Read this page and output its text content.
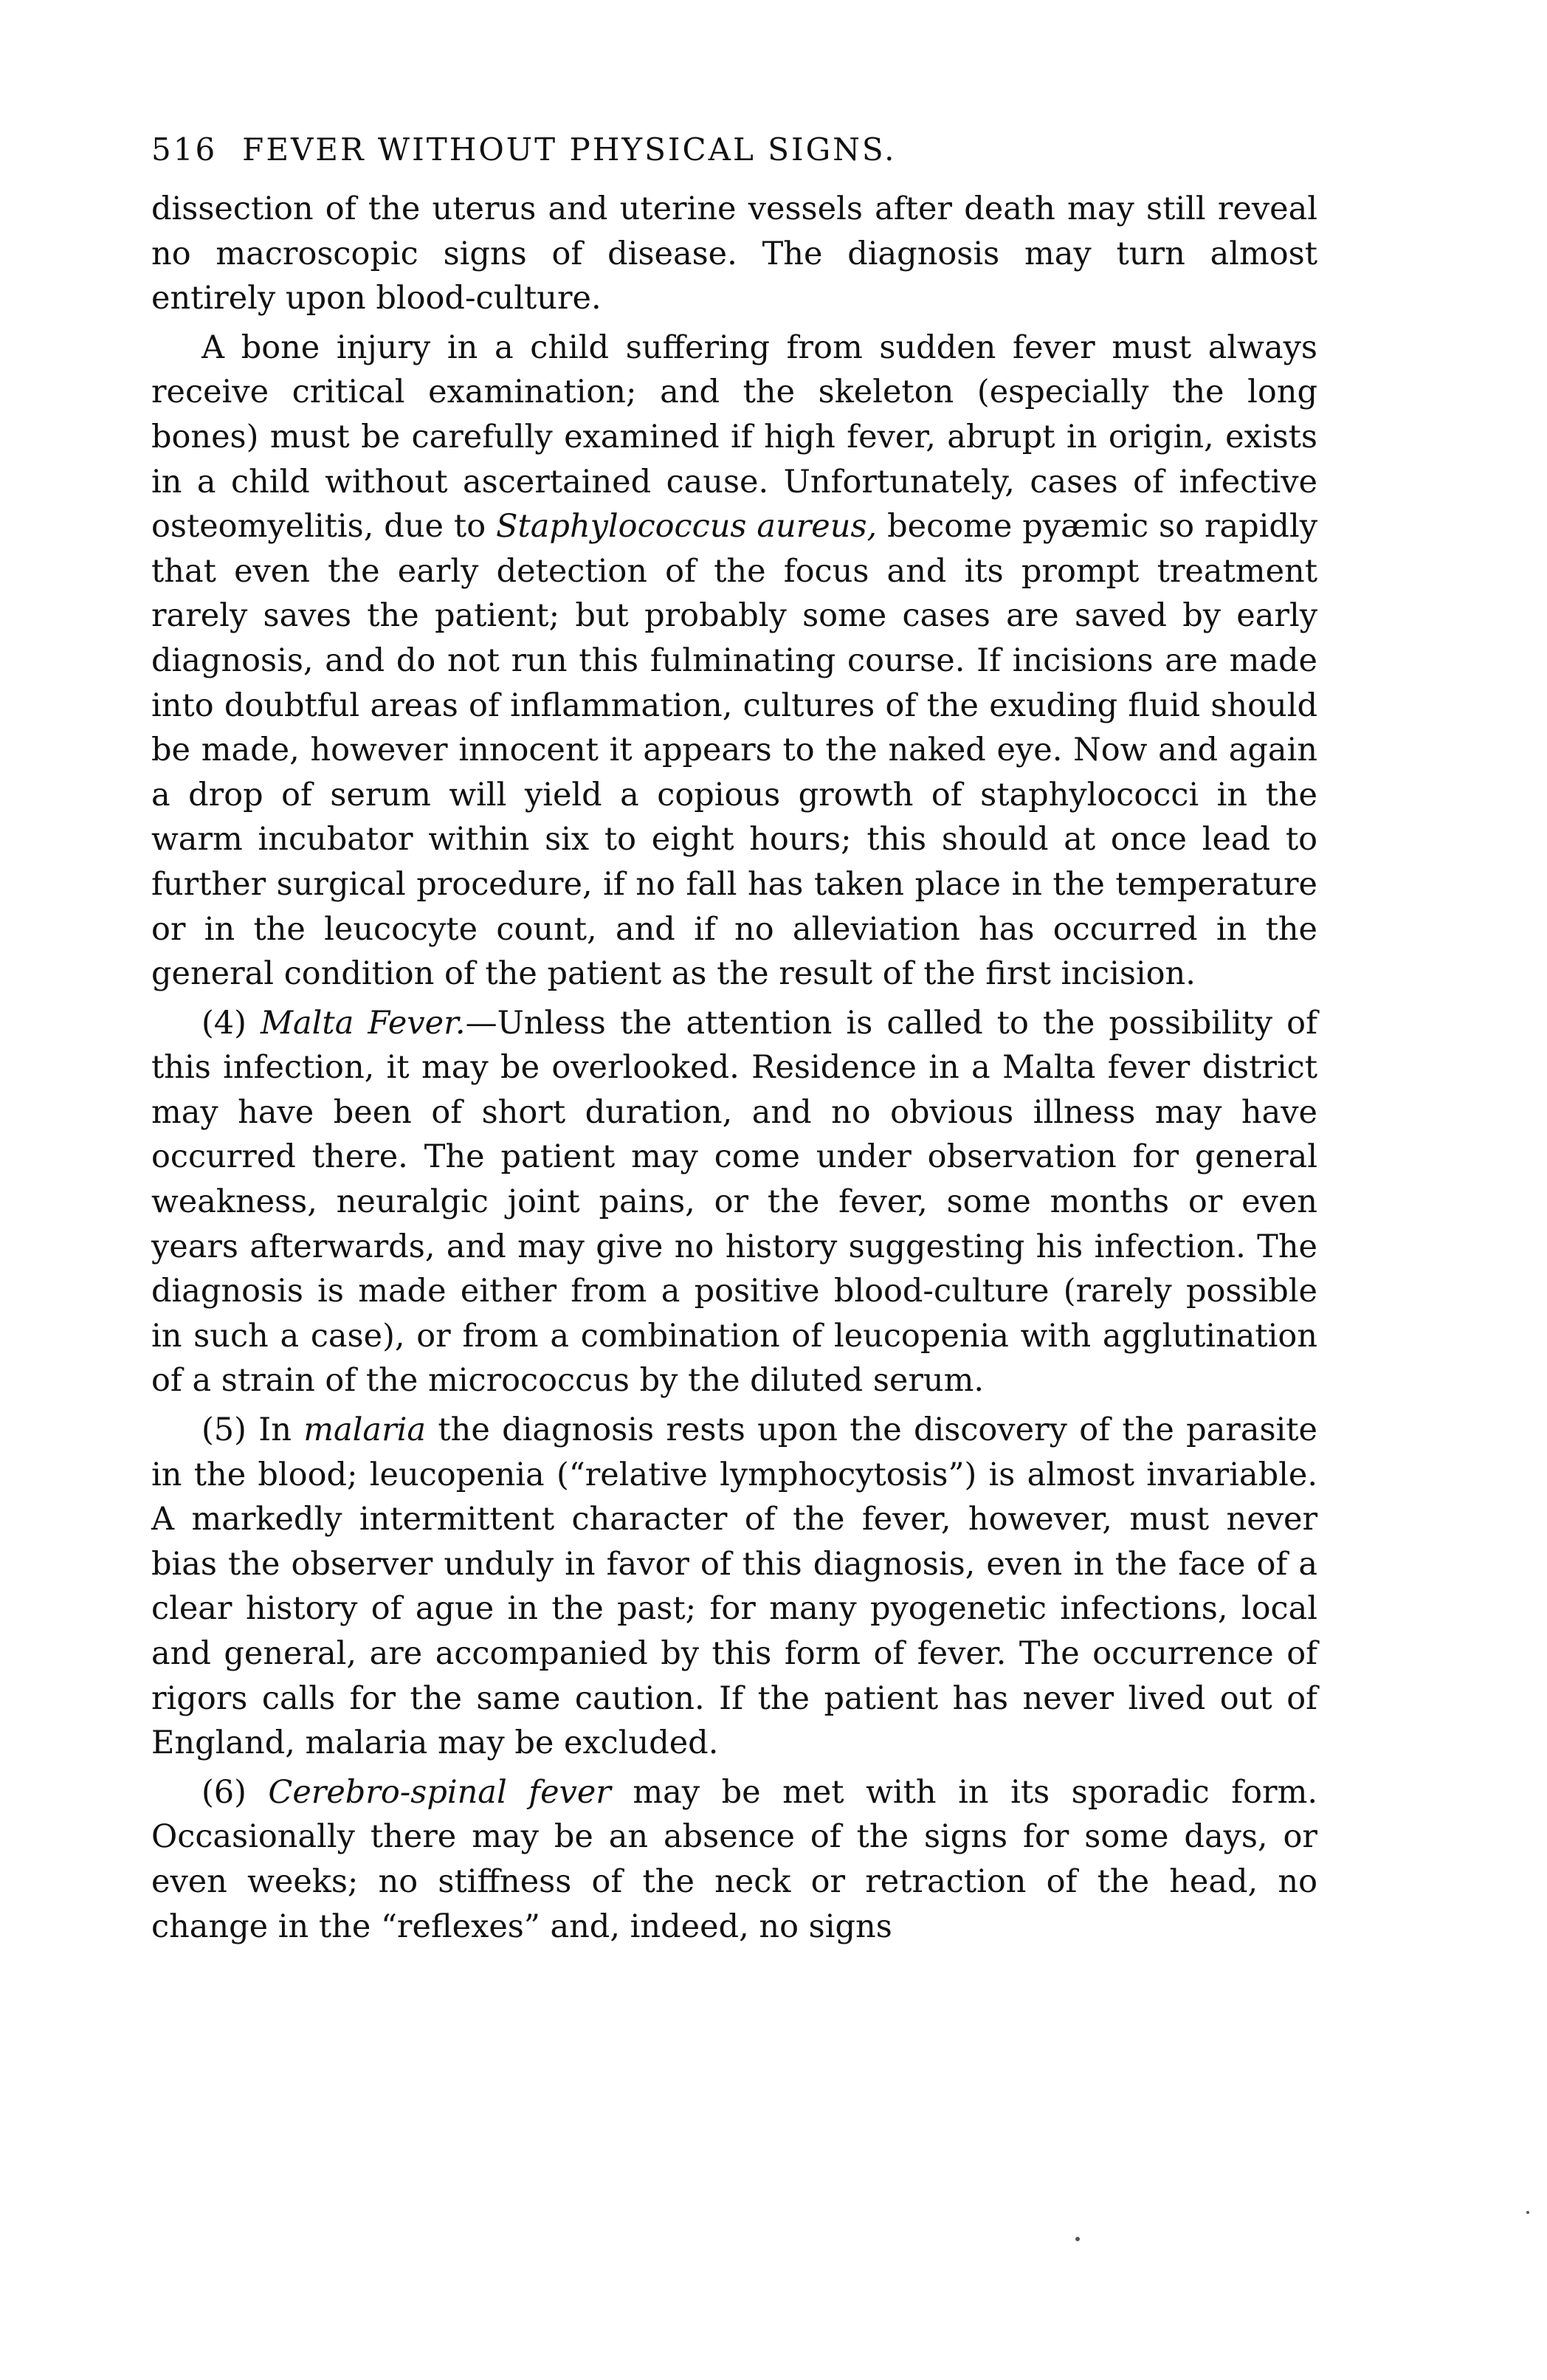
516 FEVER WITHOUT PHYSICAL SIGNS.

dissection of the uterus and uterine vessels after death may still reveal no macroscopic signs of disease. The diagnosis may turn almost entirely upon blood-culture.

A bone injury in a child suffering from sudden fever must always receive critical examination; and the skeleton (especially the long bones) must be carefully examined if high fever, abrupt in origin, exists in a child without ascertained cause. Unfortunately, cases of infective osteomyelitis, due to Staphylococcus aureus, become pyæmic so rapidly that even the early detection of the focus and its prompt treatment rarely saves the patient; but probably some cases are saved by early diagnosis, and do not run this fulminating course. If incisions are made into doubtful areas of inflammation, cultures of the exuding fluid should be made, however innocent it appears to the naked eye. Now and again a drop of serum will yield a copious growth of staphylococci in the warm incubator within six to eight hours; this should at once lead to further surgical procedure, if no fall has taken place in the temperature or in the leucocyte count, and if no alleviation has occurred in the general condition of the patient as the result of the first incision.

(4) Malta Fever.—Unless the attention is called to the possibility of this infection, it may be overlooked. Residence in a Malta fever district may have been of short duration, and no obvious illness may have occurred there. The patient may come under observation for general weakness, neuralgic joint pains, or the fever, some months or even years afterwards, and may give no history suggesting his infection. The diagnosis is made either from a positive blood-culture (rarely possible in such a case), or from a combination of leucopenia with agglutination of a strain of the micrococcus by the diluted serum.

(5) In malaria the diagnosis rests upon the discovery of the parasite in the blood; leucopenia (“relative lymphocytosis”) is almost invariable. A markedly intermittent character of the fever, however, must never bias the observer unduly in favor of this diagnosis, even in the face of a clear history of ague in the past; for many pyogenetic infections, local and general, are accompanied by this form of fever. The occurrence of rigors calls for the same caution. If the patient has never lived out of England, malaria may be excluded.

(6) Cerebro-spinal fever may be met with in its sporadic form. Occasionally there may be an absence of the signs for some days, or even weeks; no stiffness of the neck or retraction of the head, no change in the “reflexes” and, indeed, no signs
